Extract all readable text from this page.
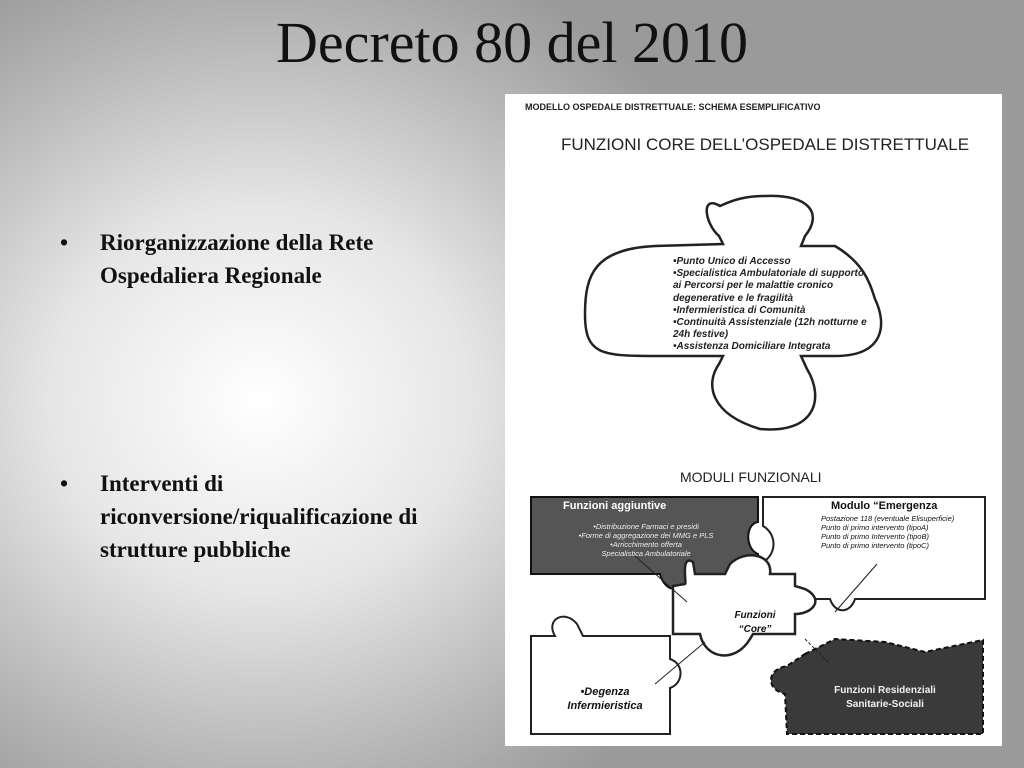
Decreto 80 del 2010
• Riorganizzazione della Rete Ospedaliera Regionale
• Interventi di riconversione/riqualificazione di strutture pubbliche
MODELLO OSPEDALE DISTRETTUALE: SCHEMA ESEMPLIFICATIVO
FUNZIONI CORE DELL’OSPEDALE DISTRETTUALE
•Punto Unico di Accesso
•Specialistica Ambulatoriale di supporto ai Percorsi per le malattie cronico degenerative e le fragilità
•Infermieristica di Comunità
•Continuità Assistenziale (12h notturne e 24h festive)
•Assistenza Domiciliare Integrata
MODULI FUNZIONALI
Funzioni aggiuntive
•Distribuzione Farmaci e presidi
•Forme di aggregazione dei MMG e PLS
•Arricchimento offerta
Specialistica Ambulatoriale
Modulo “Emergenza
Postazione 118 (eventuale Elisuperficie)
Punto di primo intervento (tipoA)
Punto di primo Intervento (tipoB)
Punto di primo intervento (tipoC)
Funzioni
“Core”
•Degenza
Infermieristica
Funzioni Residenziali
Sanitarie-Sociali
